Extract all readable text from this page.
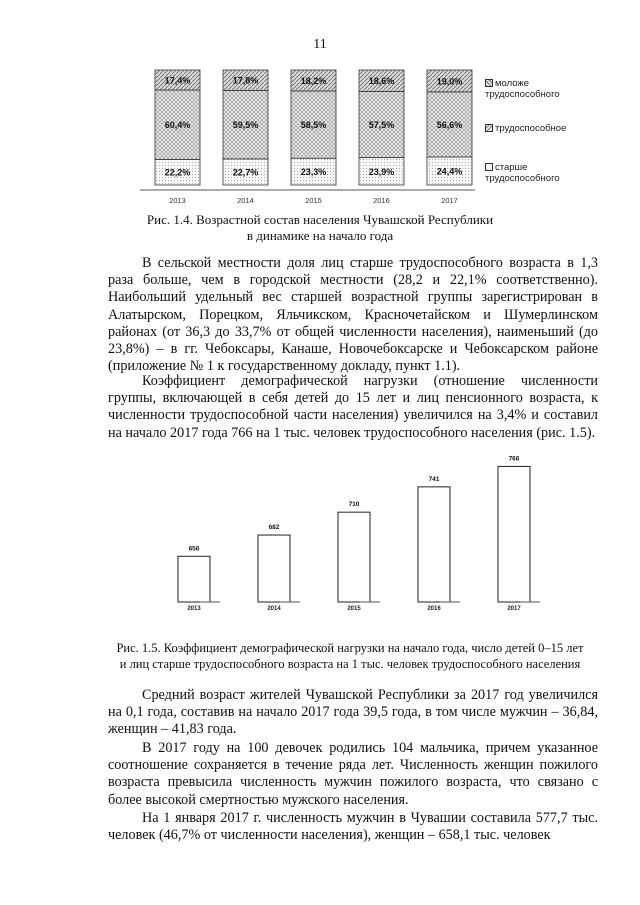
11
22,2%
60,4%
17,4%
22,7%
59,5%
17,8%
23,3%
58,5%
18,2%
23,9%
57,5%
18,6%
24,4%
56,6%
19,0%
2013	2014	2015	2016	2017
моложе
трудоспособного
трудоспособное
старше
трудоспособного
Рис. 1.4. Возрастной состав населения Чувашской Республики
в динамике на начало года

В сельской местности доля лиц старше трудоспособного возраста в 1,3 раза больше, чем в городской местности (28,2 и 22,1% соответственно). Наибольший удельный вес старшей возрастной группы зарегистрирован в Алатырском, Порецком, Яльчикском, Красночетайском и Шумерлинском районах (от 36,3 до 33,7% от общей численности населения), наименьший (до 23,8%) – в гг. Чебоксары, Канаше, Новочебоксарске и Чебоксарском районе (приложение № 1 к государственному докладу, пункт 1.1).

Коэффициент демографической нагрузки (отношение численности группы, включающей в себя детей до 15 лет и лиц пенсионного возраста, к численности трудоспособной части населения) увеличился на 3,4% и составил на начало 2017 года 766 на 1 тыс. человек трудоспособного населения (рис. 1.5).

656
682
710
741
766
2013	2014	2015	2016	2017
Рис. 1.5. Коэффициент демографической нагрузки на начало года, число детей 0–15 лет
и лиц старше трудоспособного возраста на 1 тыс. человек трудоспособного населения

Средний возраст жителей Чувашской Республики за 2017 год увеличился на 0,1 года, составив на начало 2017 года 39,5 года, в том числе мужчин – 36,84, женщин – 41,83 года.

В 2017 году на 100 девочек родились 104 мальчика, причем указанное соотношение сохраняется в течение ряда лет. Численность женщин пожилого возраста превысила численность мужчин пожилого возраста, что связано с более высокой смертностью мужского населения.

На 1 января 2017 г. численность мужчин в Чувашии составила 577,7 тыс. человек (46,7% от численности населения), женщин – 658,1 тыс. человек
